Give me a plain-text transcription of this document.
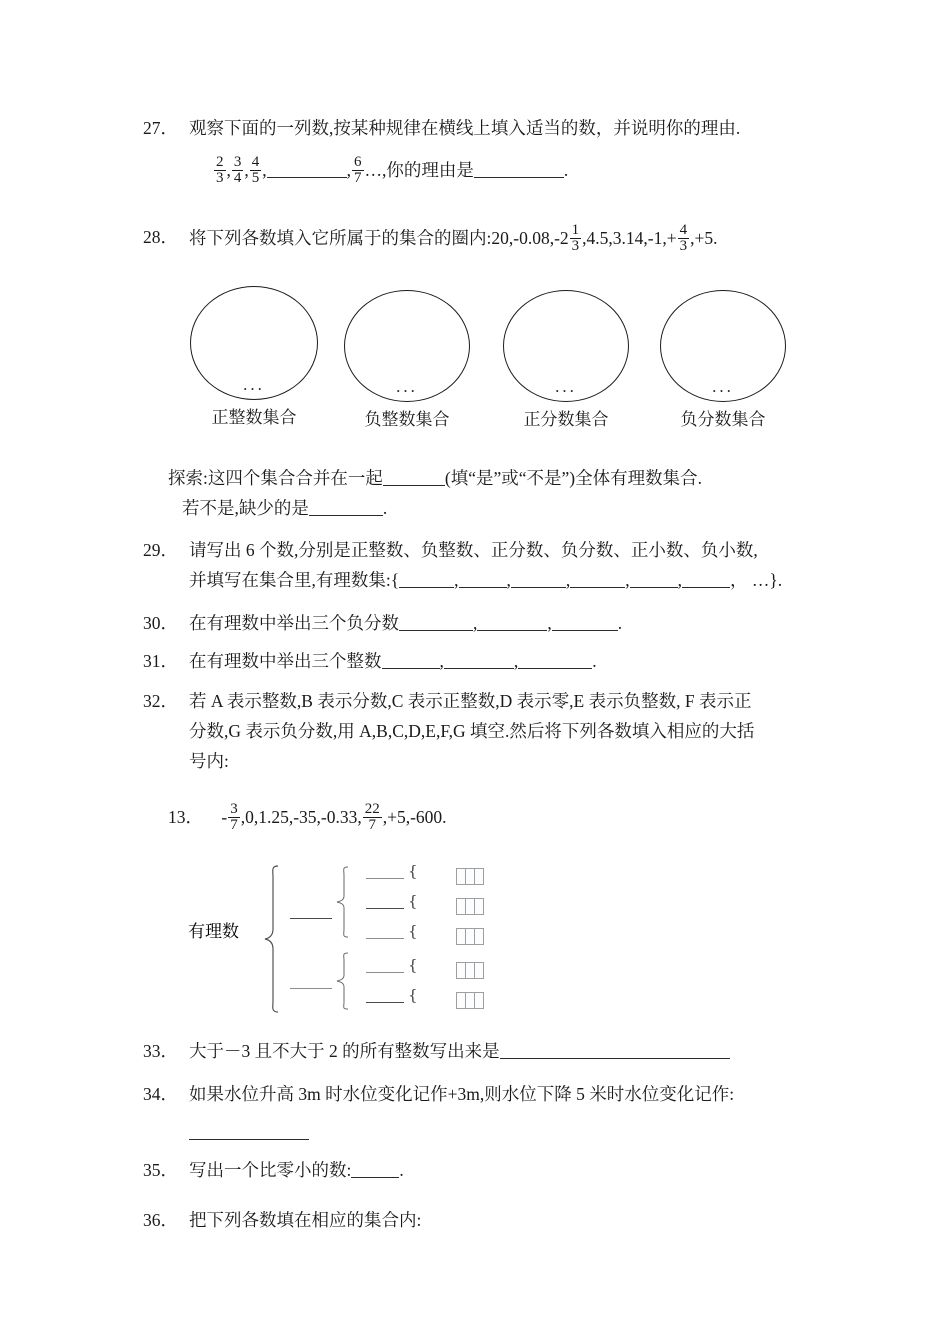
27． 观察下面的一列数,按某种规律在横线上填入适当的数，并说明你的理由.
$\frac{2}{3}$ , $\frac{3}{4}$ , $\frac{4}{5}$ ,	, $\frac{6}{7}$ …,你的理由是	.
28． 将下列各数填入它所属于的集合的圈内:20,-0.08,-2 $\frac{1}{3} ,4.5,3.14,-1,+ \frac{4}{3} ,+5$.
...
正整数集合
...
负整数集合
...
正分数集合
...
负分数集合
探索:这四个集合合并在一起	(填“是”或“不是”)全体有理数集合.
若不是,缺少的是	.
29． 请写出 6 个数,分别是正整数、负整数、正分数、负分数、正小数、负小数,
并填写在集合里,有理数集:{	,	,	,	,	,	， …}.
30． 在有理数中举出三个负分数	,	,	.
31． 在有理数中举出三个整数	,	,	.
32． 若 A 表示整数,B 表示分数,C 表示正整数,D 表示零,E 表示负整数, F 表示正
分数,G 表示负分数,用 A,B,C,D,E,F,G 填空.然后将下列各数填入相应的大括
号内:
13． - $\frac{3}{7} ,0,1.25,-35,-0.33$, $\frac{22}{7} ,+5,-600$.
有理数
{
{
{
{
{
33． 大于－3 且不大于 2 的所有整数写出来是
34． 如果水位升高 3m 时水位变化记作+3m,则水位下降 5 米时水位变化记作:
35． 写出一个比零小的数:	.
36． 把下列各数填在相应的集合内:
